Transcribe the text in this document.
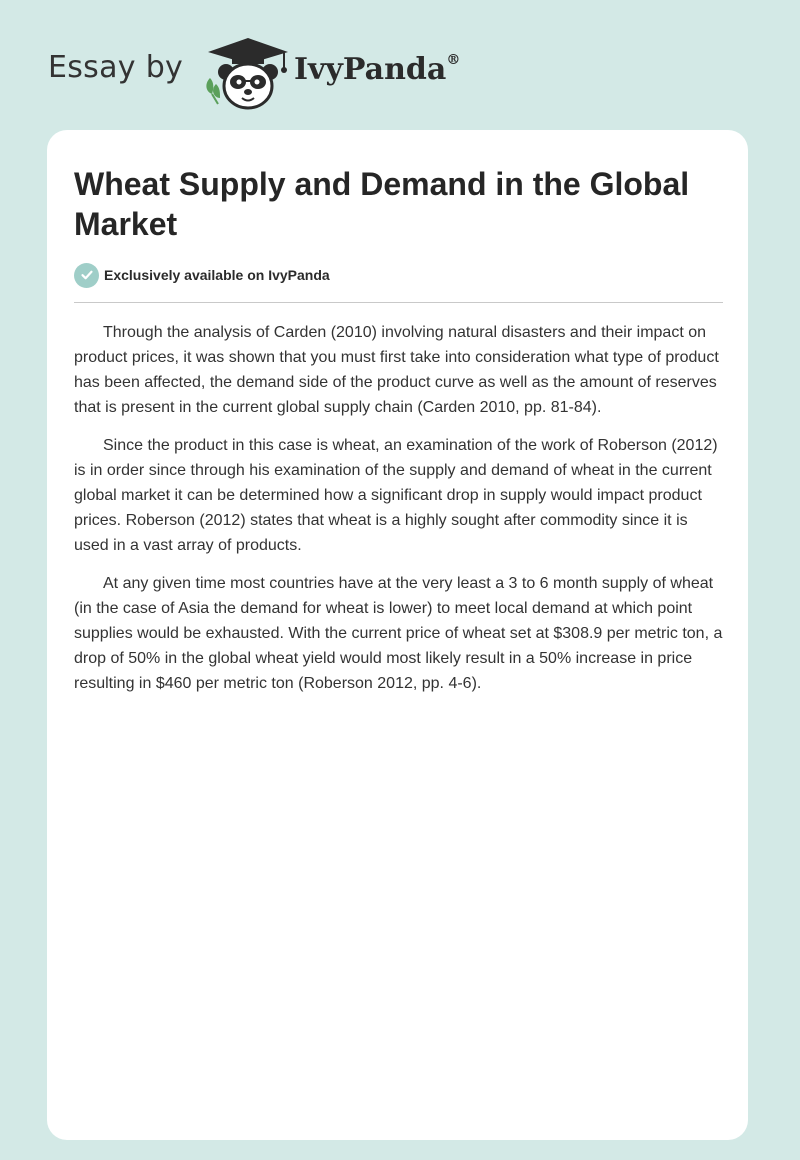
Essay by	IvyPanda®
Wheat Supply and Demand in the Global Market
Exclusively available on IvyPanda

Through the analysis of Carden (2010) involving natural disasters and their impact on product prices, it was shown that you must first take into consideration what type of product has been affected, the demand side of the product curve as well as the amount of reserves that is present in the current global supply chain (Carden 2010, pp. 81-84).

Since the product in this case is wheat, an examination of the work of Roberson (2012) is in order since through his examination of the supply and demand of wheat in the current global market it can be determined how a significant drop in supply would impact product prices. Roberson (2012) states that wheat is a highly sought after commodity since it is used in a vast array of products.

At any given time most countries have at the very least a 3 to 6 month supply of wheat (in the case of Asia the demand for wheat is lower) to meet local demand at which point supplies would be exhausted. With the current price of wheat set at $308.9 per metric ton, a drop of 50% in the global wheat yield would most likely result in a 50% increase in price resulting in $460 per metric ton (Roberson 2012, pp. 4-6).
